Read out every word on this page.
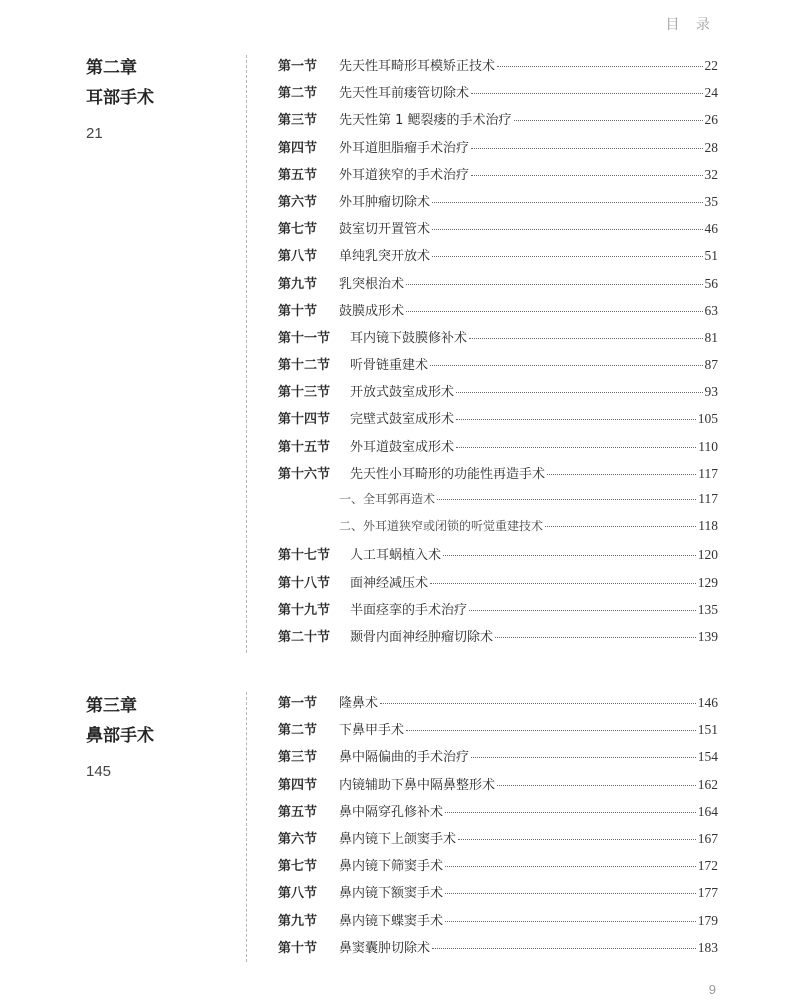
目 录
第二章
耳部手术
21
第一节	先天性耳畸形耳模矫正技术	22
第二节	先天性耳前瘘管切除术	24
第三节	先天性第 1 鳃裂瘘的手术治疗	26
第四节	外耳道胆脂瘤手术治疗	28
第五节	外耳道狭窄的手术治疗	32
第六节	外耳肿瘤切除术	35
第七节	鼓室切开置管术	46
第八节	单纯乳突开放术	51
第九节	乳突根治术	56
第十节	鼓膜成形术	63
第十一节	耳内镜下鼓膜修补术	81
第十二节	听骨链重建术	87
第十三节	开放式鼓室成形术	93
第十四节	完壁式鼓室成形术	105
第十五节	外耳道鼓室成形术	110
第十六节	先天性小耳畸形的功能性再造手术	117
一、全耳郭再造术	117
二、外耳道狭窄或闭锁的听觉重建技术	118
第十七节	人工耳蜗植入术	120
第十八节	面神经减压术	129
第十九节	半面痉挛的手术治疗	135
第二十节	颞骨内面神经肿瘤切除术	139
第三章
鼻部手术
145
第一节	隆鼻术	146
第二节	下鼻甲手术	151
第三节	鼻中隔偏曲的手术治疗	154
第四节	内镜辅助下鼻中隔鼻整形术	162
第五节	鼻中隔穿孔修补术	164
第六节	鼻内镜下上颌窦手术	167
第七节	鼻内镜下筛窦手术	172
第八节	鼻内镜下额窦手术	177
第九节	鼻内镜下蝶窦手术	179
第十节	鼻窦囊肿切除术	183
9
